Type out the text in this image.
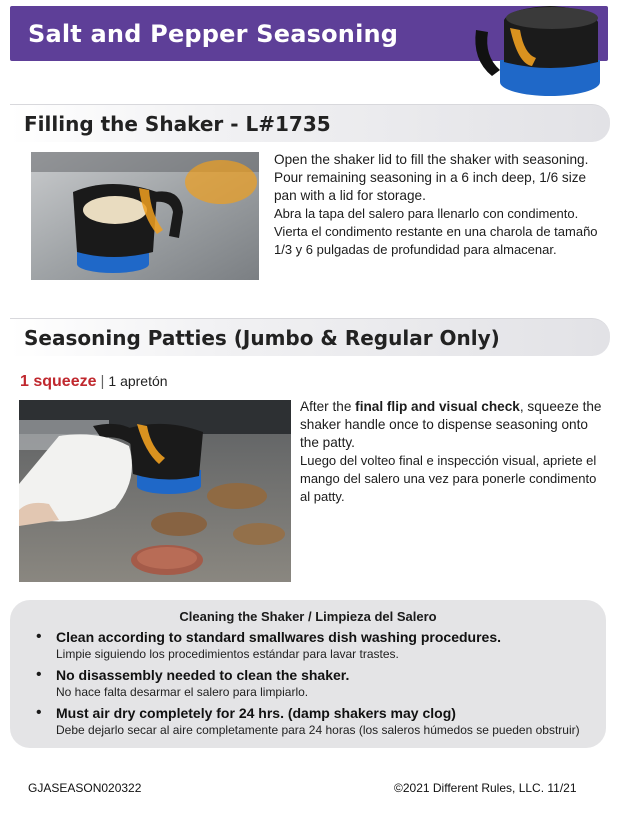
Salt and Pepper Seasoning
Filling the Shaker - L#1735

Open the shaker lid to fill the shaker with seasoning. Pour remaining seasoning in a 6 inch deep, 1/6 size pan with a lid for storage.

Abra la tapa del salero para llenarlo con condimento. Vierta el condimento restante en una charola de tamaño 1/3 y 6 pulgadas de profundidad para almacenar.

Seasoning Patties (Jumbo & Regular Only)
1 squeeze | 1 apretón

After the final flip and visual check, squeeze the shaker handle once to dispense seasoning onto the patty.

Luego del volteo final e inspección visual, apriete el mango del salero una vez para ponerle condimento al patty.

Cleaning the Shaker / Limpieza del Salero
• Clean according to standard smallwares dish washing procedures.
Limpie siguiendo los procedimientos estándar para lavar trastes.
• No disassembly needed to clean the shaker.
No hace falta desarmar el salero para limpiarlo.
• Must air dry completely for 24 hrs. (damp shakers may clog)
Debe dejarlo secar al aire completamente para 24 horas (los saleros húmedos se pueden obstruir)
GJASEASON020322	©2021 Different Rules, LLC. 11/21
